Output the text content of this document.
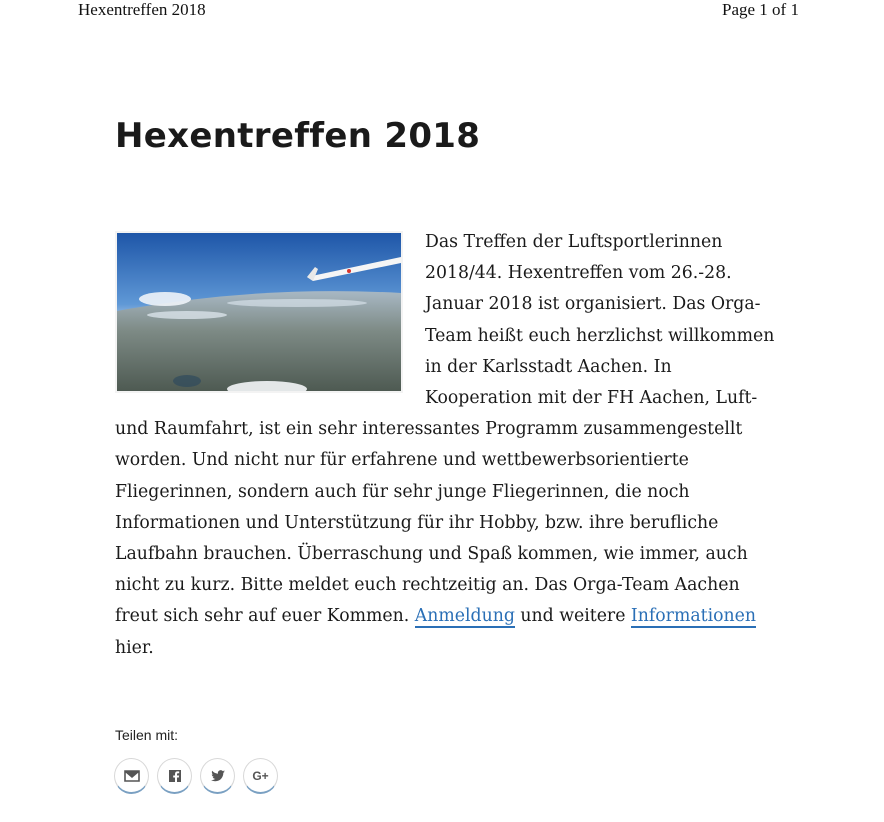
Hexentreffen 2018	Page 1 of 1
Hexentreffen 2018

Das Treffen der Luftsportlerinnen 2018/44. Hexentreffen vom 26.-28. Januar 2018 ist organisiert. Das Orga-Team heißt euch herzlichst willkommen in der Karlsstadt Aachen. In Kooperation mit der FH Aachen, Luft- und Raumfahrt, ist ein sehr interessantes Programm zusammengestellt worden. Und nicht nur für erfahrene und wettbewerbsorientierte Fliegerinnen, sondern auch für sehr junge Fliegerinnen, die noch Informationen und Unterstützung für ihr Hobby, bzw. ihre berufliche Laufbahn brauchen. Überraschung und Spaß kommen, wie immer, auch nicht zu kurz. Bitte meldet euch rechtzeitig an. Das Orga-Team Aachen freut sich sehr auf euer Kommen. Anmeldung und weitere Informationen hier.

Teilen mit:

G+
